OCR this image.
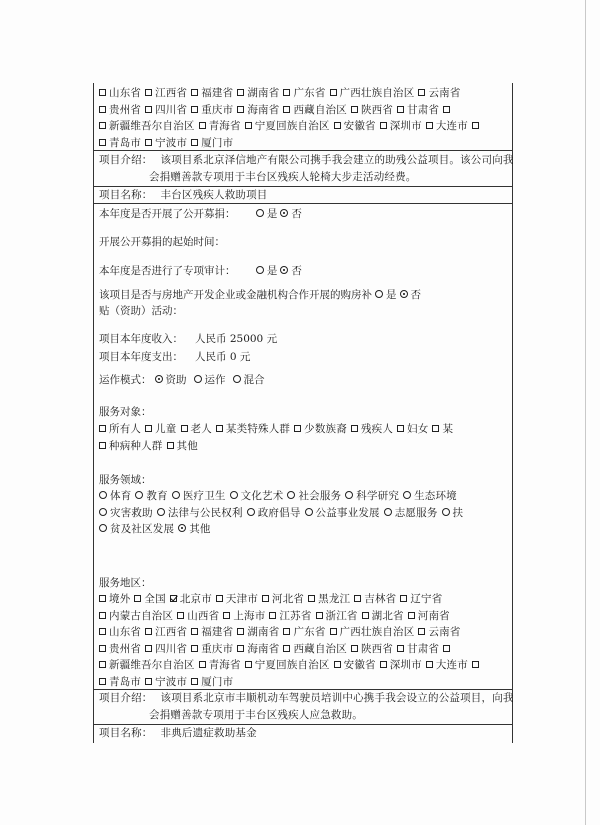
山东省 江西省 福建省 湖南省 广东省 广西壮族自治区 云南省
贵州省 四川省 重庆市 海南省 西藏自治区 陕西省 甘肃省
新疆维吾尔自治区 青海省 宁夏回族自治区 安徽省 深圳市 大连市
青岛市 宁波市 厦门市
项目介绍： 该项目系北京泽信地产有限公司携手我会建立的助残公益项目。该公司向我
会捐赠善款专项用于丰台区残疾人轮椅大步走活动经费。
项目名称： 丰台区残疾人救助项目
本年度是否开展了公开募捐：	是 否
开展公开募捐的起始时间：
本年度是否进行了专项审计：	是 否
该项目是否与房地产开发企业或金融机构合作开展的购房补 是 否
贴（资助）活动：
项目本年度收入： 人民币 25000 元
项目本年度支出： 人民币 0 元
运作模式： 资助 运作 混合
服务对象：
所有人 儿童 老人 某类特殊人群 少数族裔 残疾人 妇女 某
种病种人群 其他
服务领域：
体育 教育 医疗卫生 文化艺术 社会服务 科学研究 生态环境
灾害救助 法律与公民权利 政府倡导 公益事业发展 志愿服务 扶
贫及社区发展 其他
服务地区：
境外 全国 北京市 天津市 河北省 黑龙江 吉林省 辽宁省
内蒙古自治区 山西省 上海市 江苏省 浙江省 湖北省 河南省
山东省 江西省 福建省 湖南省 广东省 广西壮族自治区 云南省
贵州省 四川省 重庆市 海南省 西藏自治区 陕西省 甘肃省
新疆维吾尔自治区 青海省 宁夏回族自治区 安徽省 深圳市 大连市
青岛市 宁波市 厦门市
项目介绍： 该项目系北京市丰顺机动车驾驶员培训中心携手我会设立的公益项目，向我
会捐赠善款专项用于丰台区残疾人应急救助。
项目名称： 非典后遗症救助基金
